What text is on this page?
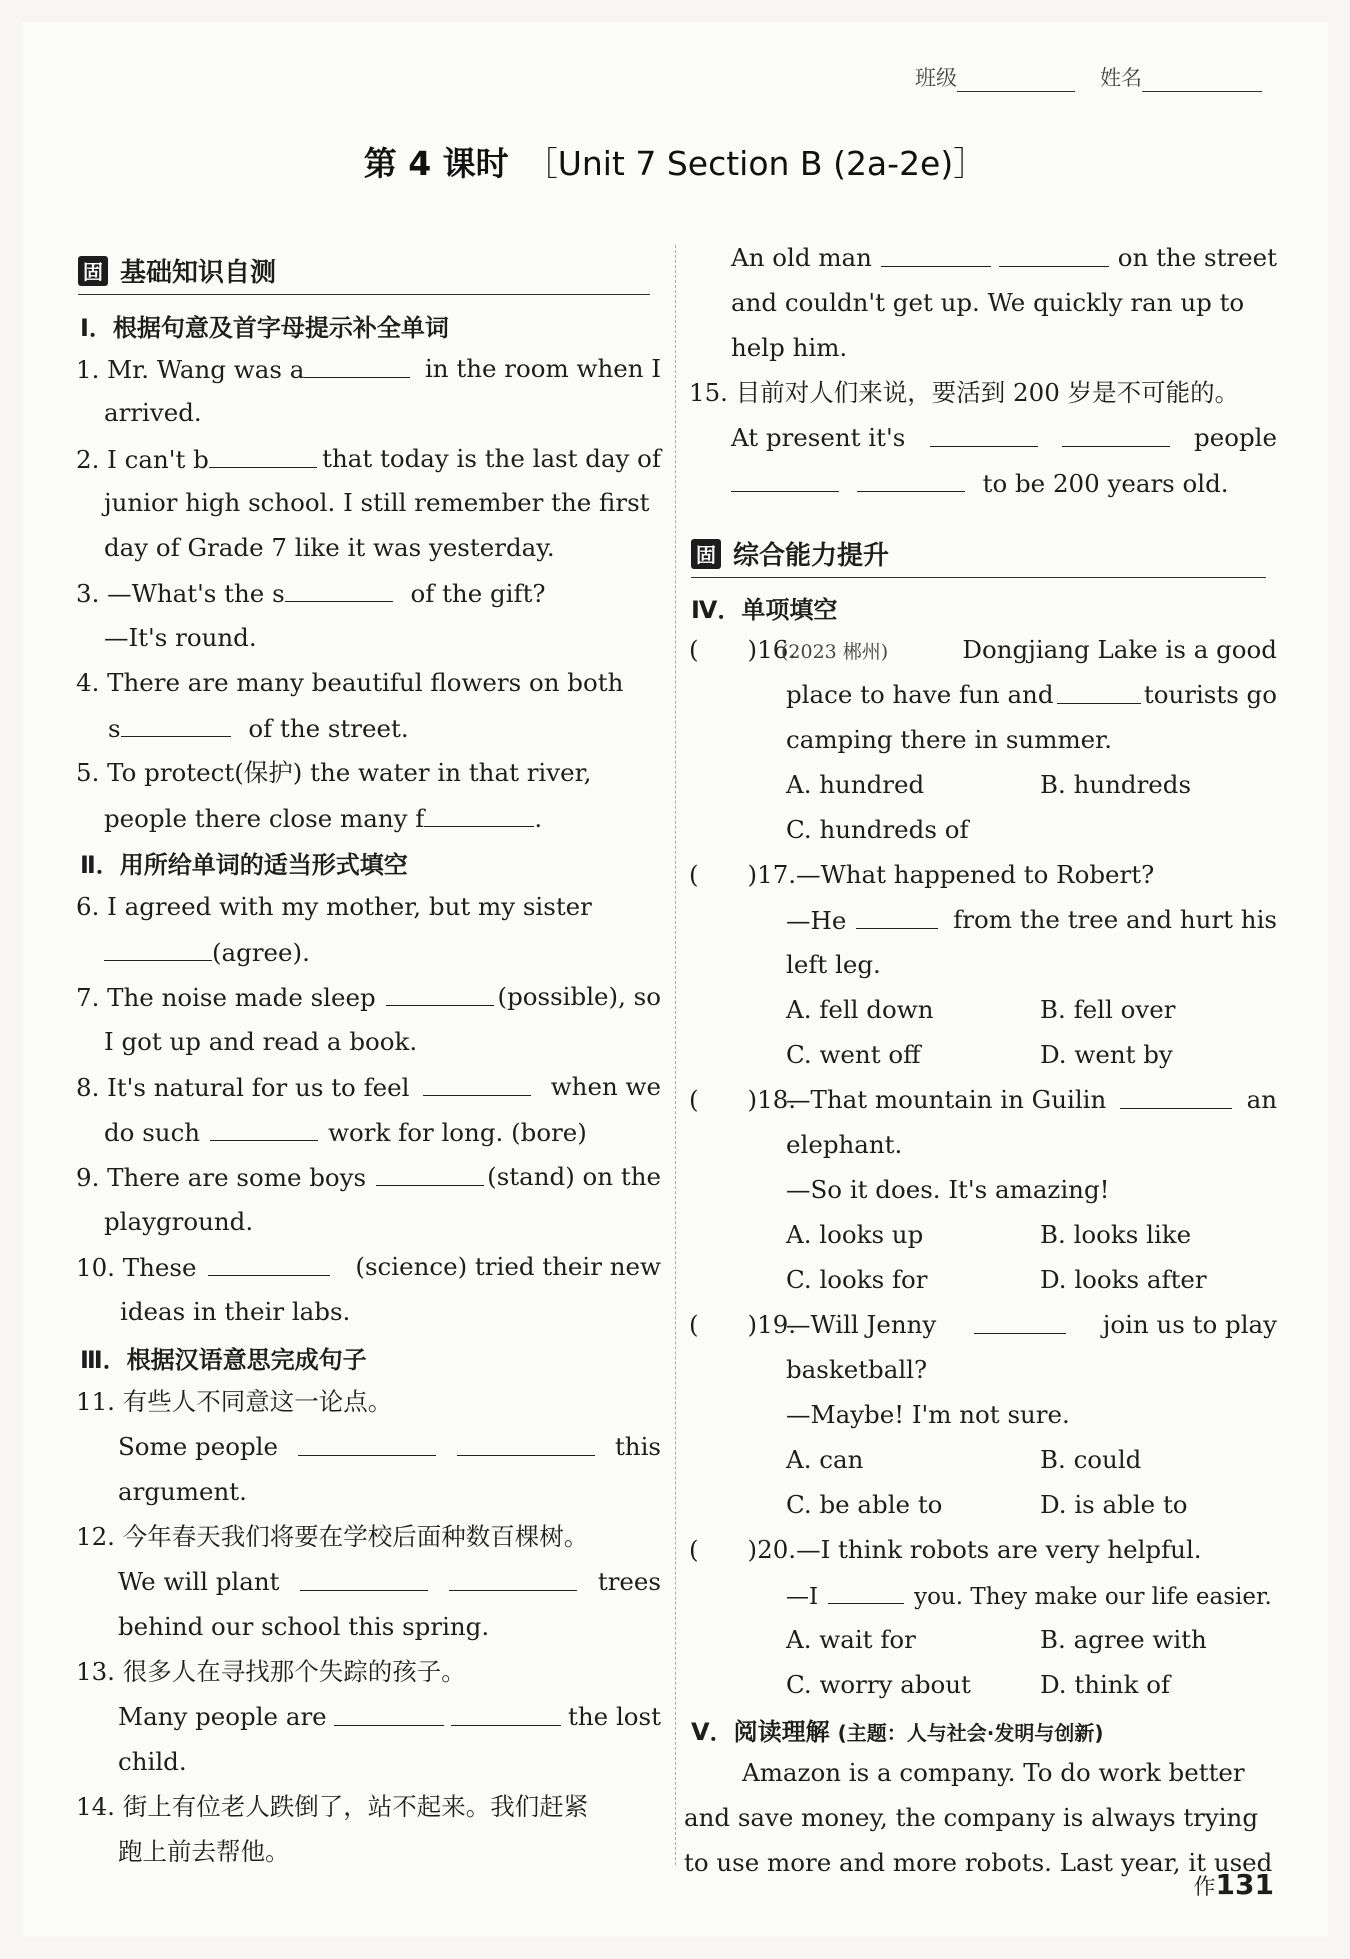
班级	姓名
第 4 课时 ［Unit 7 Section B (2a-2e)］
固 基础知识自测
Ⅰ．根据句意及首字母提示补全单词
1. Mr. Wang was a	in the room when I
arrived.
2. I can't b	that today is the last day of
junior high school. I still remember the first
day of Grade 7 like it was yesterday.
3. —What's the s	of the gift?
—It's round.
4. There are many beautiful flowers on both
s	of the street.
5. To protect(保护) the water in that river,
people there close many f	.
Ⅱ．用所给单词的适当形式填空
6. I agreed with my mother, but my sister
(agree).
7. The noise made sleep	(possible), so
I got up and read a book.
8. It's natural for us to feel	when we
do such	work for long. (bore)
9. There are some boys	(stand) on the
playground.
10. These	(science) tried their new
ideas in their labs.
Ⅲ．根据汉语意思完成句子
11. 有些人不同意这一论点。
Some people	this
argument.
12. 今年春天我们将要在学校后面种数百棵树。
We will plant	trees
behind our school this spring.
13. 很多人在寻找那个失踪的孩子。
Many people are	the lost
child.
14. 街上有位老人跌倒了，站不起来。我们赶紧
跑上前去帮他。
An old man	on the street
and couldn't get up. We quickly ran up to
help him.
15. 目前对人们来说，要活到 200 岁是不可能的。
At present it's	people
to be 200 years old.
固 综合能力提升
Ⅳ．单项填空
(　　)16.
(2023 郴州)	Dongjiang Lake is a good
place to have fun and	tourists go
camping there in summer.
A. hundred	B. hundreds
C. hundreds of
(　　)17.—What happened to Robert?
—He	from the tree and hurt his
left leg.
A. fell down	B. fell over
C. went off	D. went by
(　　)18.
—That mountain in Guilin	an
elephant.
—So it does. It's amazing!
A. looks up	B. looks like
C. looks for	D. looks after
(　　)19.
—Will Jenny	join us to play
basketball?
—Maybe! I'm not sure.
A. can	B. could
C. be able to	D. is able to
(　　)20.—I think robots are very helpful.
—I	you. They make our life easier.
A. wait for	B. agree with
C. worry about	D. think of
Ⅴ．阅读理解 (主题：人与社会·发明与创新)
Amazon is a company. To do work better
and save money, the company is always trying
to use more and more robots. Last year, it used
作131
